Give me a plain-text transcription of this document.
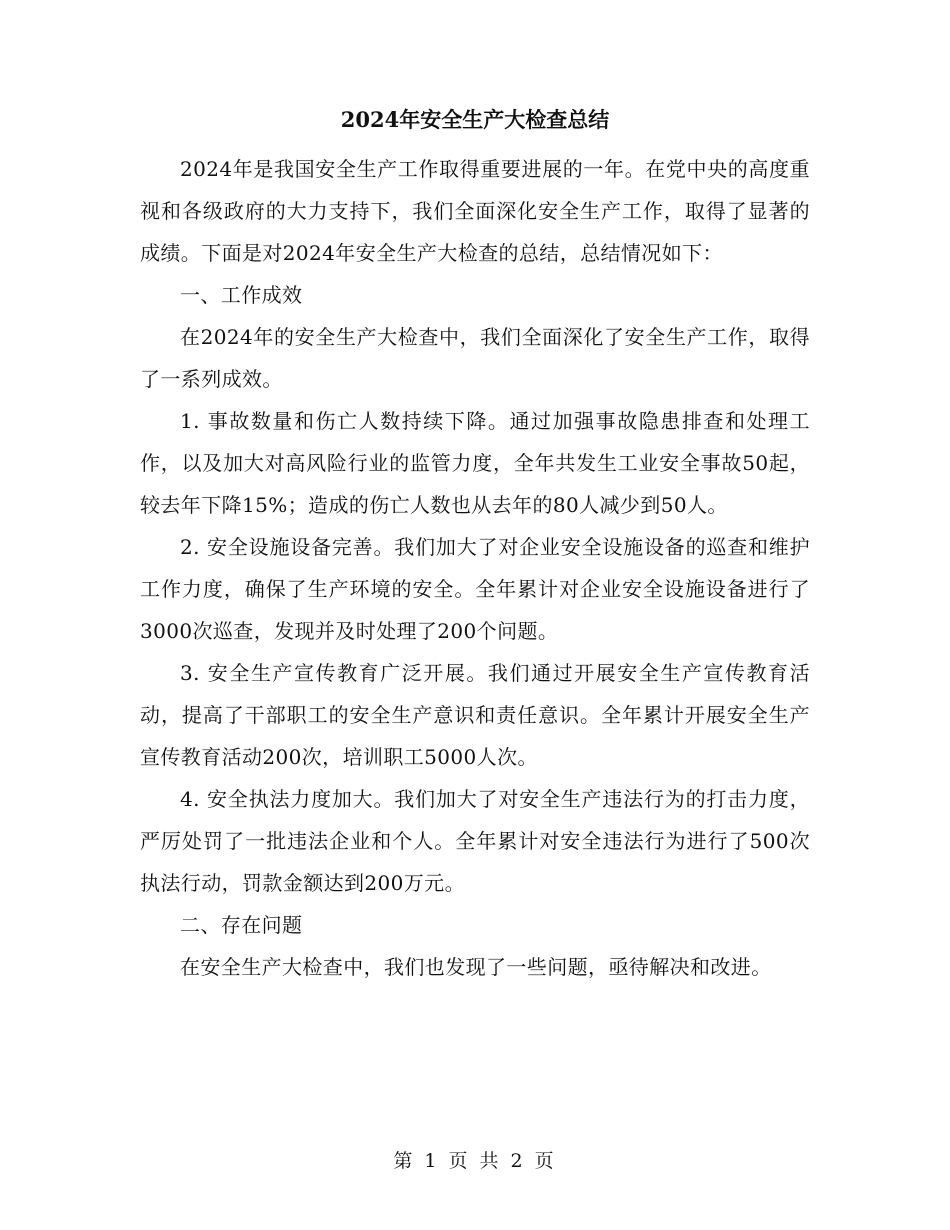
2024年安全生产大检查总结

2024年是我国安全生产工作取得重要进展的一年。在党中央的高度重视和各级政府的大力支持下，我们全面深化安全生产工作，取得了显著的成绩。下面是对2024年安全生产大检查的总结，总结情况如下：

一、工作成效

在2024年的安全生产大检查中，我们全面深化了安全生产工作，取得了一系列成效。

1. 事故数量和伤亡人数持续下降。通过加强事故隐患排查和处理工作，以及加大对高风险行业的监管力度，全年共发生工业安全事故50起，较去年下降15%；造成的伤亡人数也从去年的80人减少到50人。

2. 安全设施设备完善。我们加大了对企业安全设施设备的巡查和维护工作力度，确保了生产环境的安全。全年累计对企业安全设施设备进行了3000次巡查，发现并及时处理了200个问题。

3. 安全生产宣传教育广泛开展。我们通过开展安全生产宣传教育活动，提高了干部职工的安全生产意识和责任意识。全年累计开展安全生产宣传教育活动200次，培训职工5000人次。

4. 安全执法力度加大。我们加大了对安全生产违法行为的打击力度，严厉处罚了一批违法企业和个人。全年累计对安全违法行为进行了500次执法行动，罚款金额达到200万元。

二、存在问题

在安全生产大检查中，我们也发现了一些问题，亟待解决和改进。

第 1 页 共 2 页
